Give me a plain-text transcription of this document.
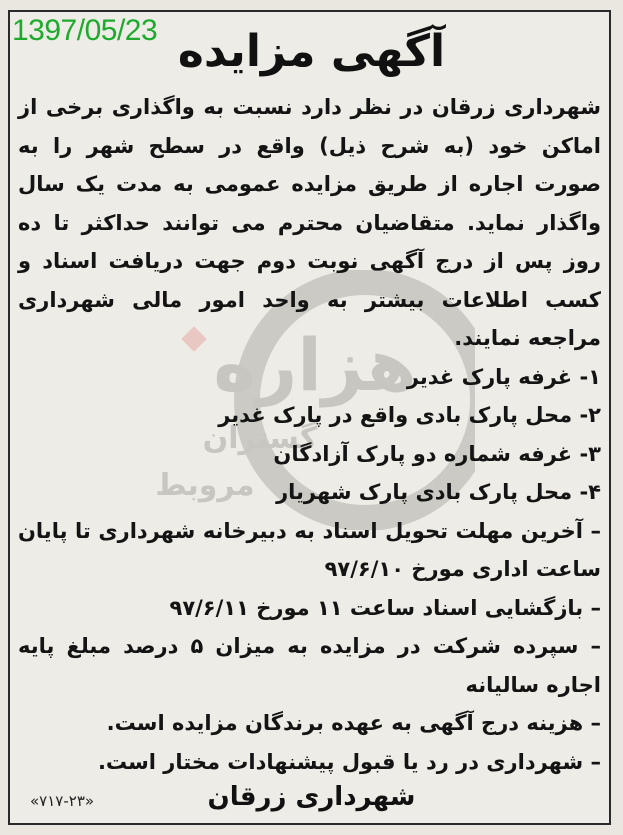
1397/05/23 آگهی مزایده
هزاره
گستران
مروبط

شهرداری زرقان در نظر دارد نسبت به واگذاری برخی از اماکن خود (به شرح ذیل) واقع در سطح شهر را به صورت اجاره از طریق مزایده عمومی به مدت یک سال واگذار نماید. متقاضیان محترم می توانند حداکثر تا ده روز پس از درج آگهی نوبت دوم جهت دریافت اسناد و کسب اطلاعات بیشتر به واحد امور مالی شهرداری مراجعه نمایند.

۱- غرفه پارک غدیر
۲- محل پارک بادی واقع در پارک غدیر
۳- غرفه شماره دو پارک آزادگان
۴- محل پارک بادی پارک شهریار
– آخرین مهلت تحویل اسناد به دبیرخانه شهرداری تا پایان ساعت اداری مورخ ۹۷/۶/۱۰
– بازگشایی اسناد ساعت ۱۱ مورخ ۹۷/۶/۱۱
– سپرده شرکت در مزایده به میزان ۵ درصد مبلغ پایه اجاره سالیانه
– هزینه درج آگهی به عهده برندگان مزایده است.
– شهرداری در رد یا قبول پیشنهادات مختار است.
«۷۱۷-۲۳»	شهرداری زرقان
